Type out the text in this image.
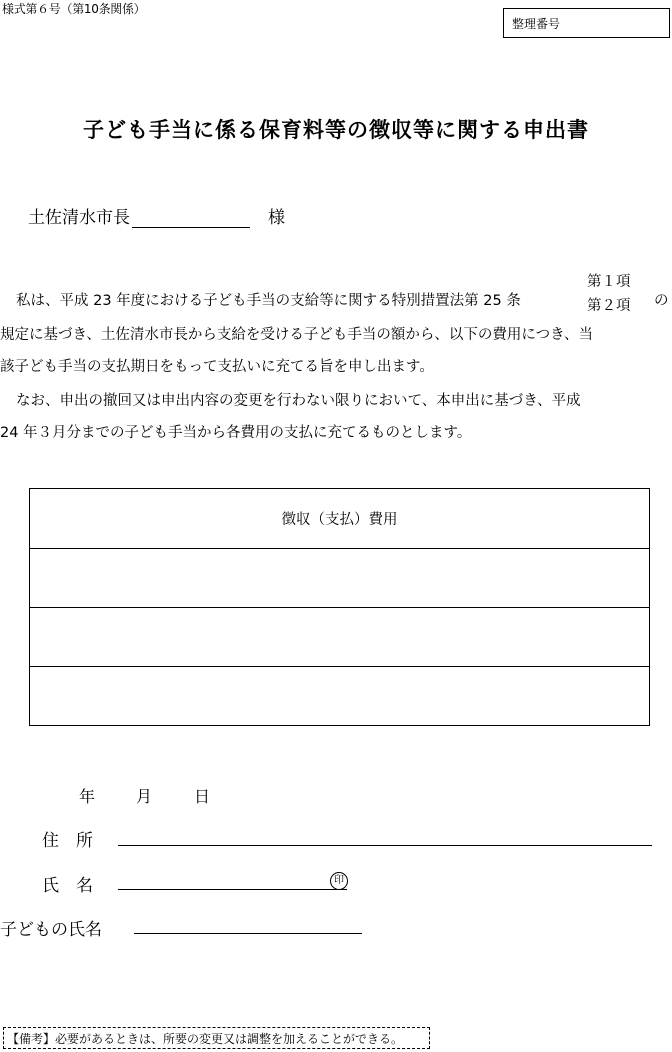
様式第６号（第10条関係）
整理番号
子ども手当に係る保育料等の徴収等に関する申出書
土佐清水市長	様
私は、平成 23 年度における子ども手当の支給等に関する特別措置法第 25 条
第１項
第２項 の
規定に基づき、土佐清水市長から支給を受ける子ども手当の額から、以下の費用につき、当
該子ども手当の支払期日をもって支払いに充てる旨を申し出ます。
なお、申出の撤回又は申出内容の変更を行わない限りにおいて、本申出に基づき、平成
24 年３月分までの子ども手当から各費用の支払に充てるものとします。
徴収（支払）費用

年	月	日
住　所
氏　名	印
子どもの氏名
【備考】必要があるときは、所要の変更又は調整を加えることができる。
